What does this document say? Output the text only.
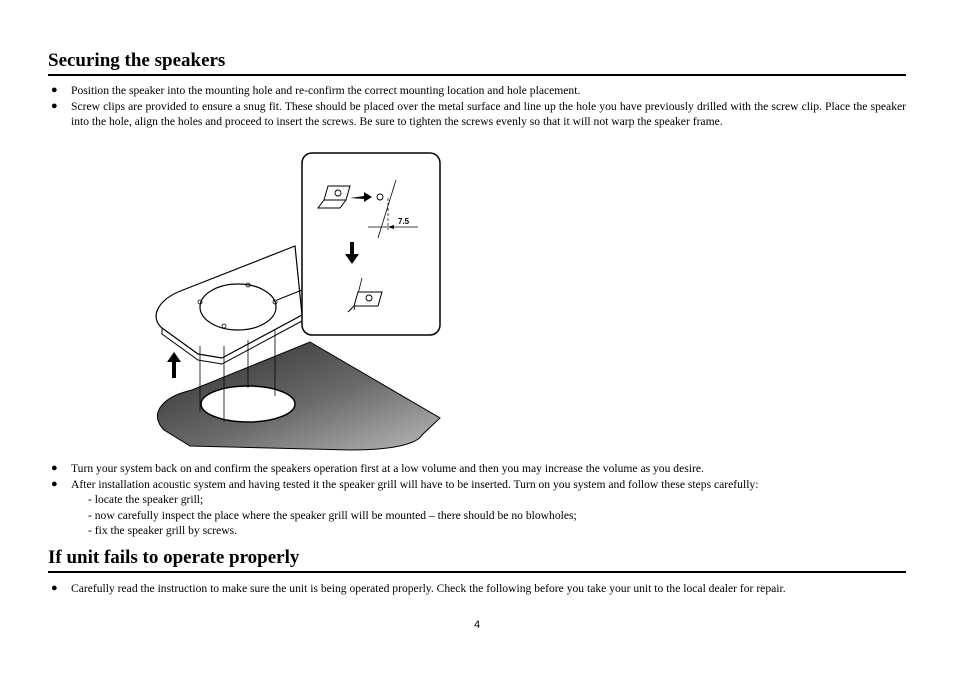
Securing the speakers
● Position the speaker into the mounting hole and re-confirm the correct mounting location and hole placement.
● Screw clips are provided to ensure a snug fit. These should be placed over the metal surface and line up the hole you have previously drilled with the screw clip. Place the speaker into the hole, align the holes and proceed to insert the screws. Be sure to tighten the screws evenly so that it will not warp the speaker frame.
7.5
● Turn your system back on and confirm the speakers operation first at a low volume and then you may increase the volume as you desire.
● After installation acoustic system and having tested it the speaker grill will have to be inserted. Turn on you system and follow these steps carefully:
- locate the speaker grill;
- now carefully inspect the place where the speaker grill will be mounted – there should be no blowholes;
- fix the speaker grill by screws.
If unit fails to operate properly
● Carefully read the instruction to make sure the unit is being operated properly. Check the following before you take your unit to the local dealer for repair.
4
